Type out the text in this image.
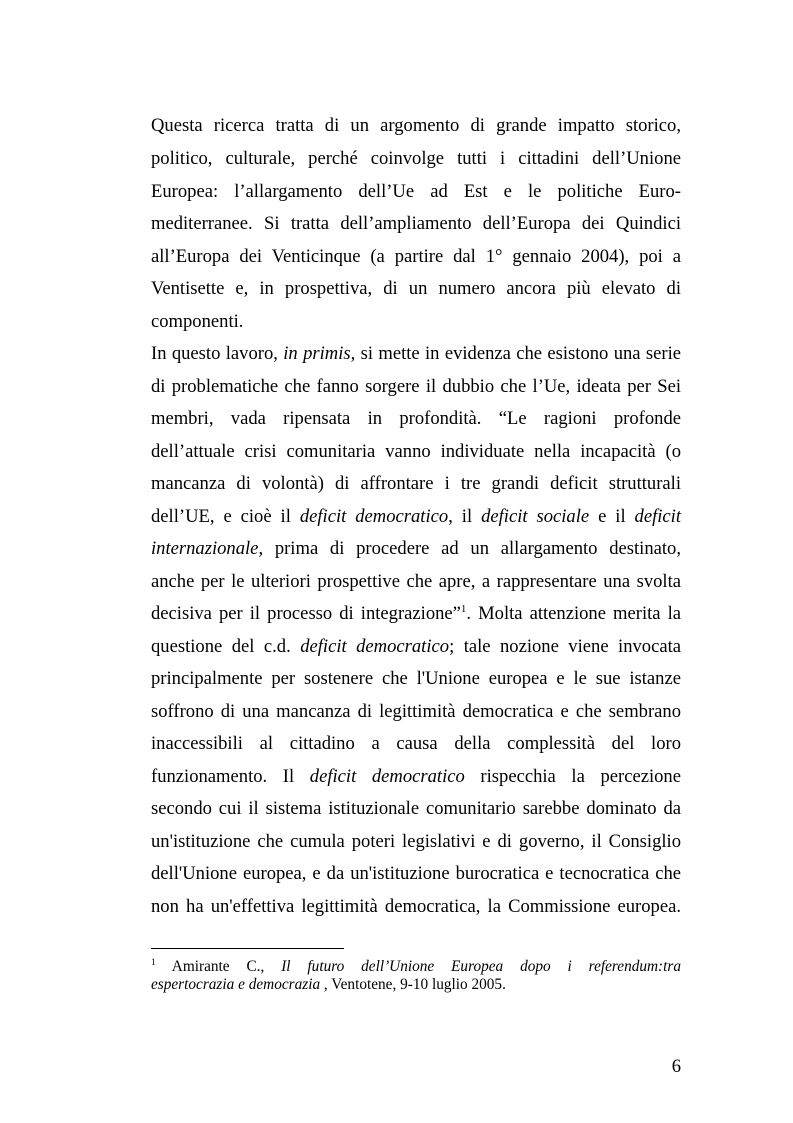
Questa ricerca tratta di un argomento di grande impatto storico,
politico, culturale, perché coinvolge tutti i cittadini dell’Unione
Europea: l’allargamento dell’Ue ad Est e le politiche Euro-
mediterranee. Si tratta dell’ampliamento dell’Europa dei Quindici
all’Europa dei Venticinque (a partire dal 1° gennaio 2004), poi a
Ventisette e, in prospettiva, di un numero ancora più elevato di
componenti.
In questo lavoro, in primis, si mette in evidenza che esistono una serie
di problematiche che fanno sorgere il dubbio che l’Ue, ideata per Sei
membri, vada ripensata in profondità. “Le ragioni profonde
dell’attuale crisi comunitaria vanno individuate nella incapacità (o
mancanza di volontà) di affrontare i tre grandi deficit strutturali
dell’UE, e cioè il deficit democratico, il deficit sociale e il deficit
internazionale, prima di procedere ad un allargamento destinato,
anche per le ulteriori prospettive che apre, a rappresentare una svolta
decisiva per il processo di integrazione”$^1$. Molta attenzione merita la
questione del c.d. deficit democratico; tale nozione viene invocata
principalmente per sostenere che l'Unione europea e le sue istanze
soffrono di una mancanza di legittimità democratica e che sembrano
inaccessibili al cittadino a causa della complessità del loro
funzionamento. Il deficit democratico rispecchia la percezione
secondo cui il sistema istituzionale comunitario sarebbe dominato da
un'istituzione che cumula poteri legislativi e di governo, il Consiglio
dell'Unione europea, e da un'istituzione burocratica e tecnocratica che
non ha un'effettiva legittimità democratica, la Commissione europea.
$^1$ Amirante C., Il futuro dell’Unione Europea dopo i referendum:tra
espertocrazia e democrazia , Ventotene, 9-10 luglio 2005.
6
